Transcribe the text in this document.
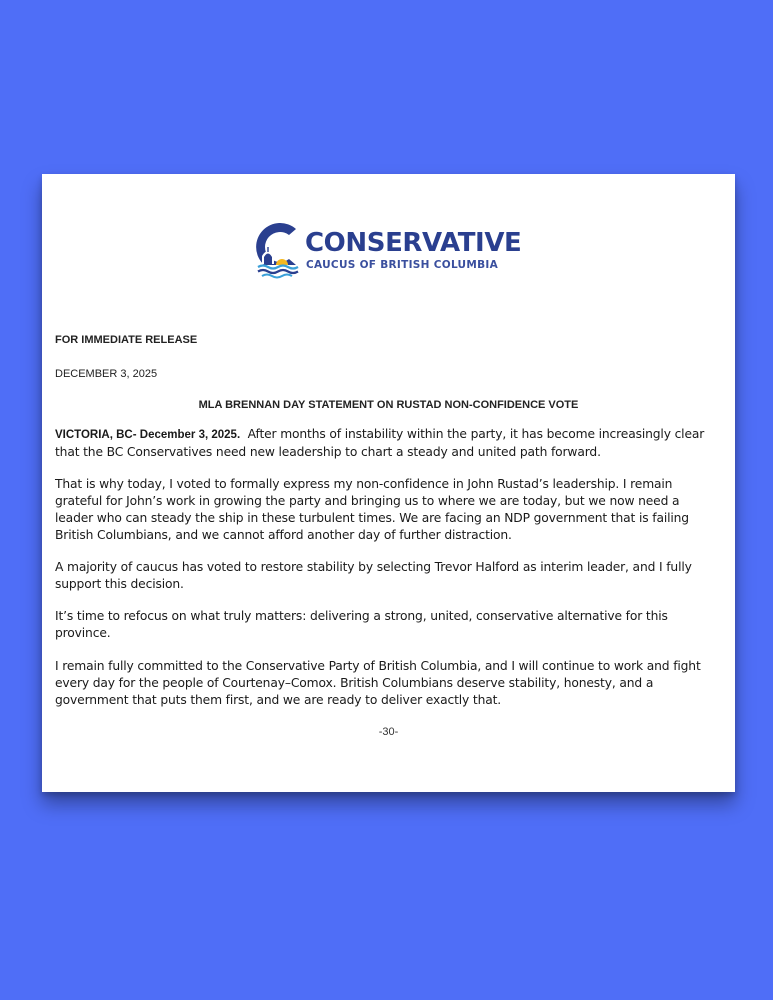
CONSERVATIVE
CAUCUS OF BRITISH COLUMBIA
FOR IMMEDIATE RELEASE
DECEMBER 3, 2025
MLA BRENNAN DAY STATEMENT ON RUSTAD NON-CONFIDENCE VOTE
VICTORIA, BC- December 3, 2025. After months of instability within the party, it has become increasingly clear
that the BC Conservatives need new leadership to chart a steady and united path forward.
That is why today, I voted to formally express my non-confidence in John Rustad’s leadership. I remain
grateful for John’s work in growing the party and bringing us to where we are today, but we now need a
leader who can steady the ship in these turbulent times. We are facing an NDP government that is failing
British Columbians, and we cannot afford another day of further distraction.
A majority of caucus has voted to restore stability by selecting Trevor Halford as interim leader, and I fully
support this decision.
It’s time to refocus on what truly matters: delivering a strong, united, conservative alternative for this
province.
I remain fully committed to the Conservative Party of British Columbia, and I will continue to work and fight
every day for the people of Courtenay–Comox. British Columbians deserve stability, honesty, and a
government that puts them first, and we are ready to deliver exactly that.
-30-
